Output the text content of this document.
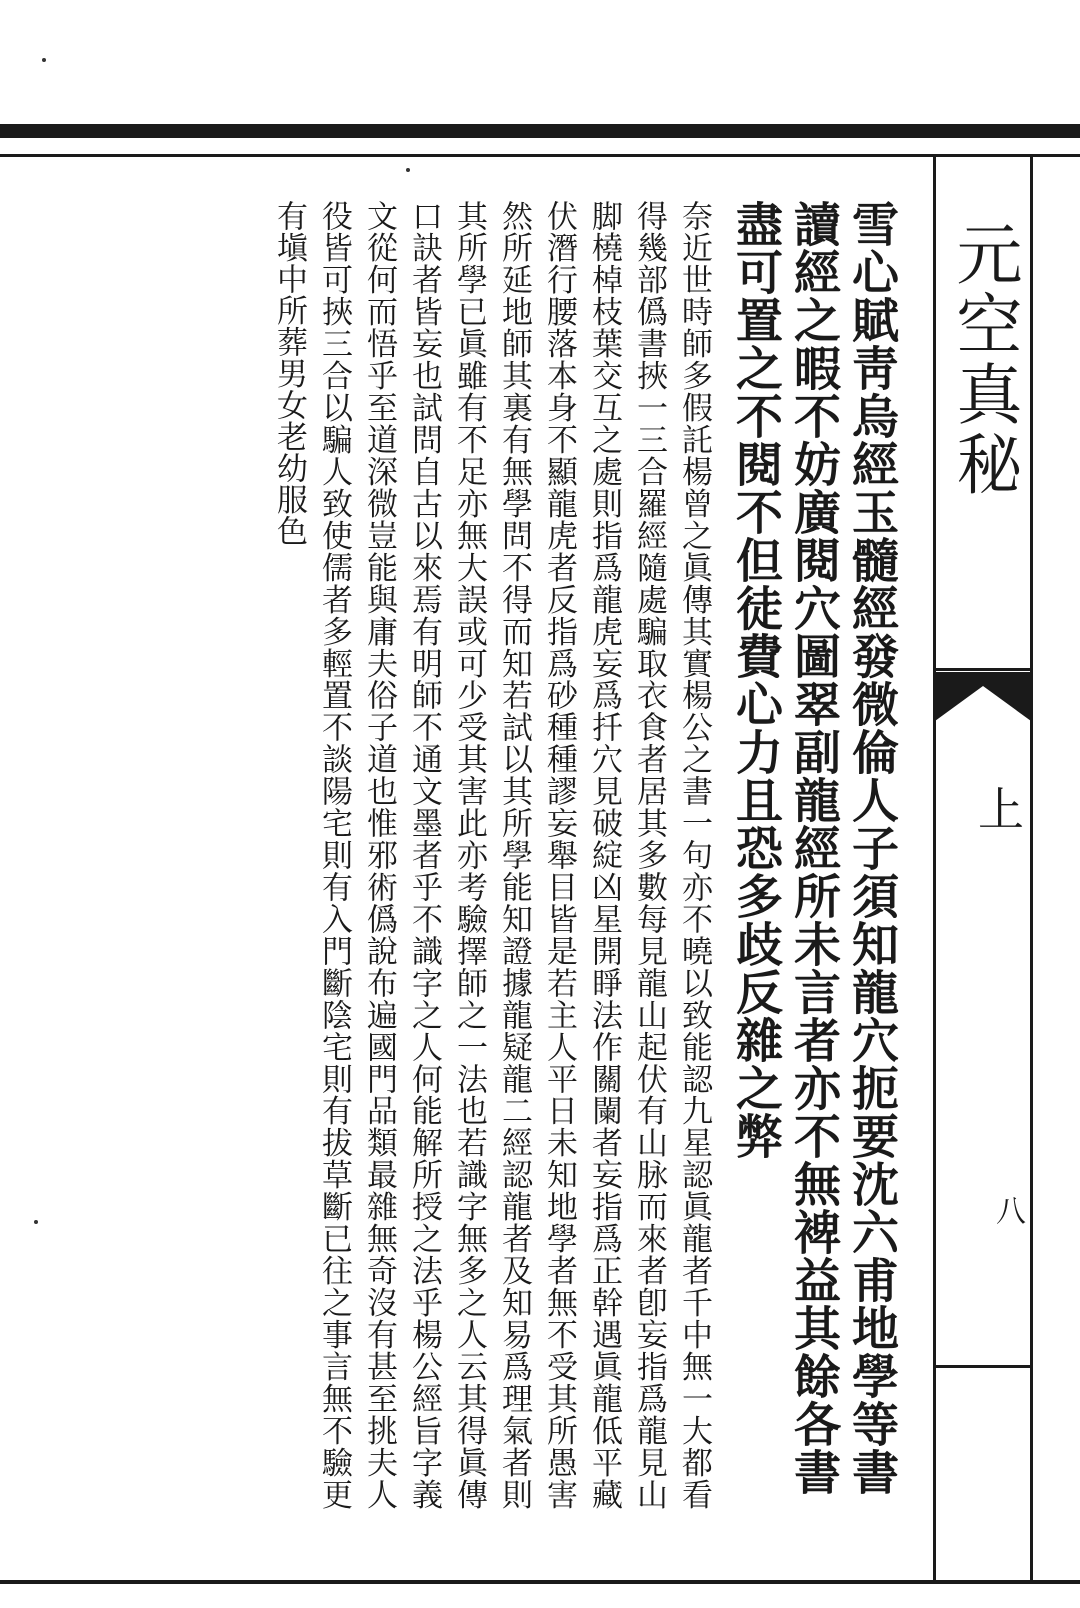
元空真秘
上
八

雪心賦靑烏經玉髓經發微倫人子須知龍穴扼要沈六甫地學等書讀經之暇不妨廣閱穴圖翠副龍經所未言者亦不無裨益其餘各書盡可置之不閱不但徒費心力且恐多歧反雜之弊

奈近世時師多假託楊曾之眞傳其實楊公之書一句亦不曉以致能認九星認眞龍者千中無一大都看得幾部僞書挾一三合羅經隨處騙取衣食者居其多數每見龍山起伏有山脉而來者卽妄指爲龍見山脚橈棹枝葉交互之處則指爲龍虎妄爲扦穴見破綻凶星開睜法作關闌者妄指爲正幹遇眞龍低平藏伏潛行腰落本身不顯龍虎者反指爲砂種種謬妄舉目皆是若主人平日未知地學者無不受其所愚害然所延地師其裏有無學問不得而知若試以其所學能知證據龍疑龍二經認龍者及知易爲理氣者則其所學已眞雖有不足亦無大誤或可少受其害此亦考驗擇師之一法也若識字無多之人云其得眞傳口訣者皆妄也試問自古以來焉有明師不通文墨者乎不識字之人何能解所授之法乎楊公經旨字義文從何而悟乎至道深微豈能與庸夫俗子道也惟邪術僞說布遍國門品類最雜無奇沒有甚至挑夫人役皆可挾三合以騙人致使儒者多輕置不談陽宅則有入門斷陰宅則有拔草斷已往之事言無不驗更有塡中所葬男女老幼服色
